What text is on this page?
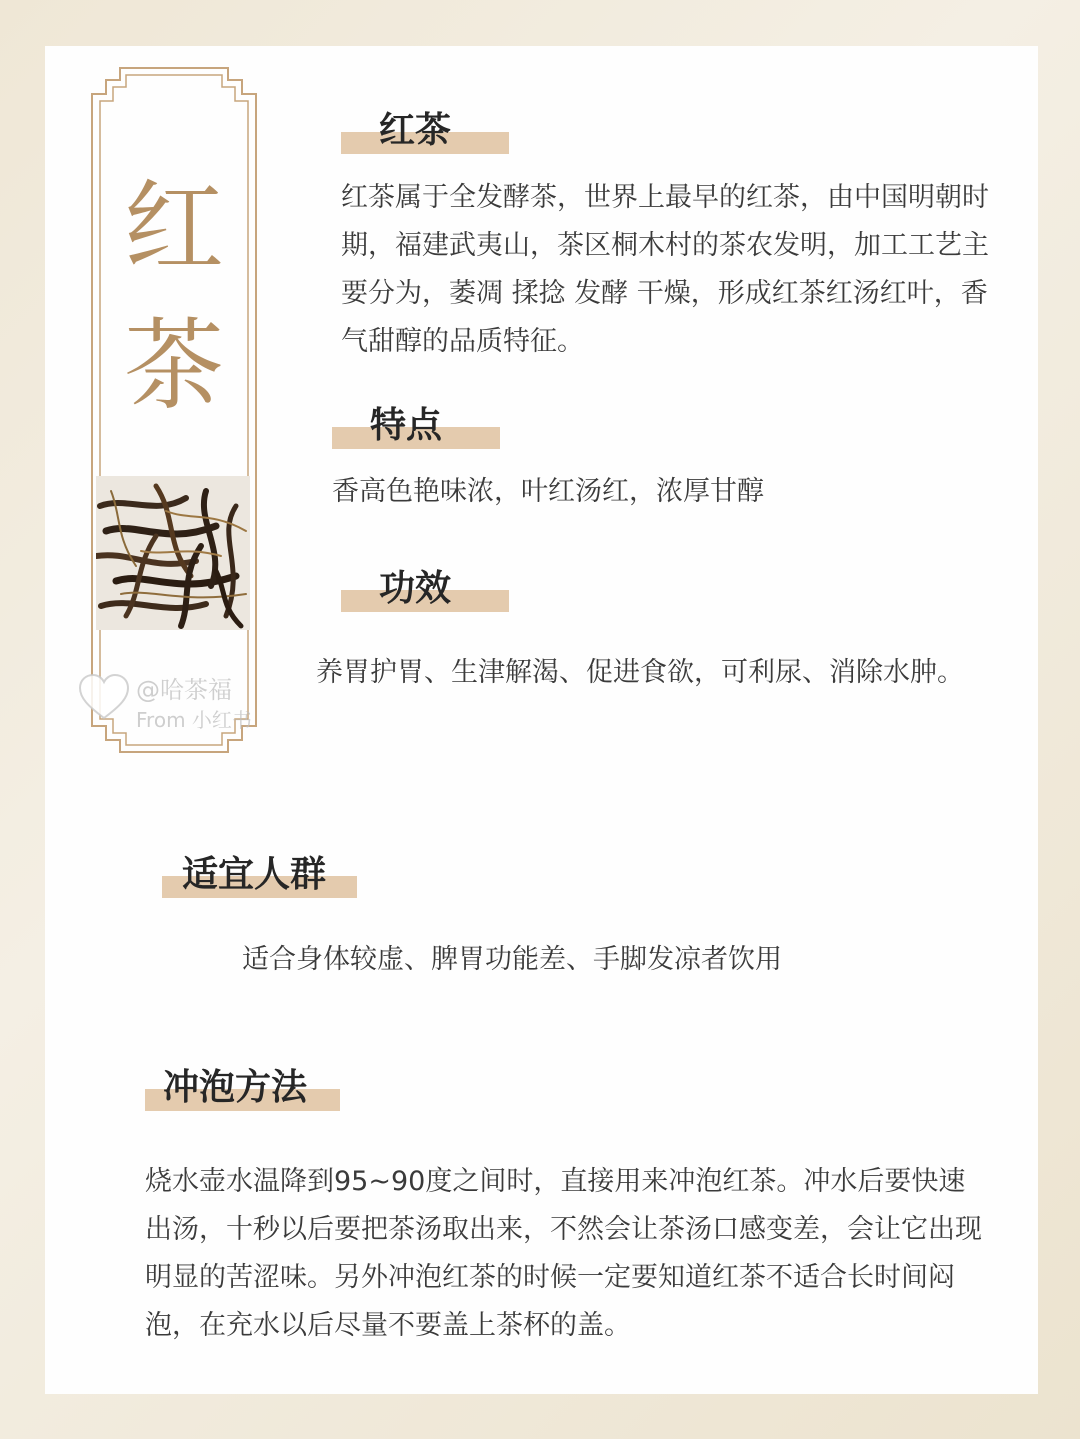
红
茶
@哈茶福
From 小红书
红茶
红茶属于全发酵茶，世界上最早的红茶，由中国明朝时期，福建武夷山，茶区桐木村的茶农发明，加工工艺主要分为，萎凋 揉捻 发酵 干燥，形成红茶红汤红叶，香气甜醇的品质特征。
特点
香高色艳味浓，叶红汤红，浓厚甘醇
功效
养胃护胃、生津解渴、促进食欲，可利尿、消除水肿。
适宜人群
适合身体较虚、脾胃功能差、手脚发凉者饮用
冲泡方法
烧水壶水温降到95~90度之间时，直接用来冲泡红茶。冲水后要快速出汤，十秒以后要把茶汤取出来，不然会让茶汤口感变差，会让它出现明显的苦涩味。另外冲泡红茶的时候一定要知道红茶不适合长时间闷泡，在充水以后尽量不要盖上茶杯的盖。
